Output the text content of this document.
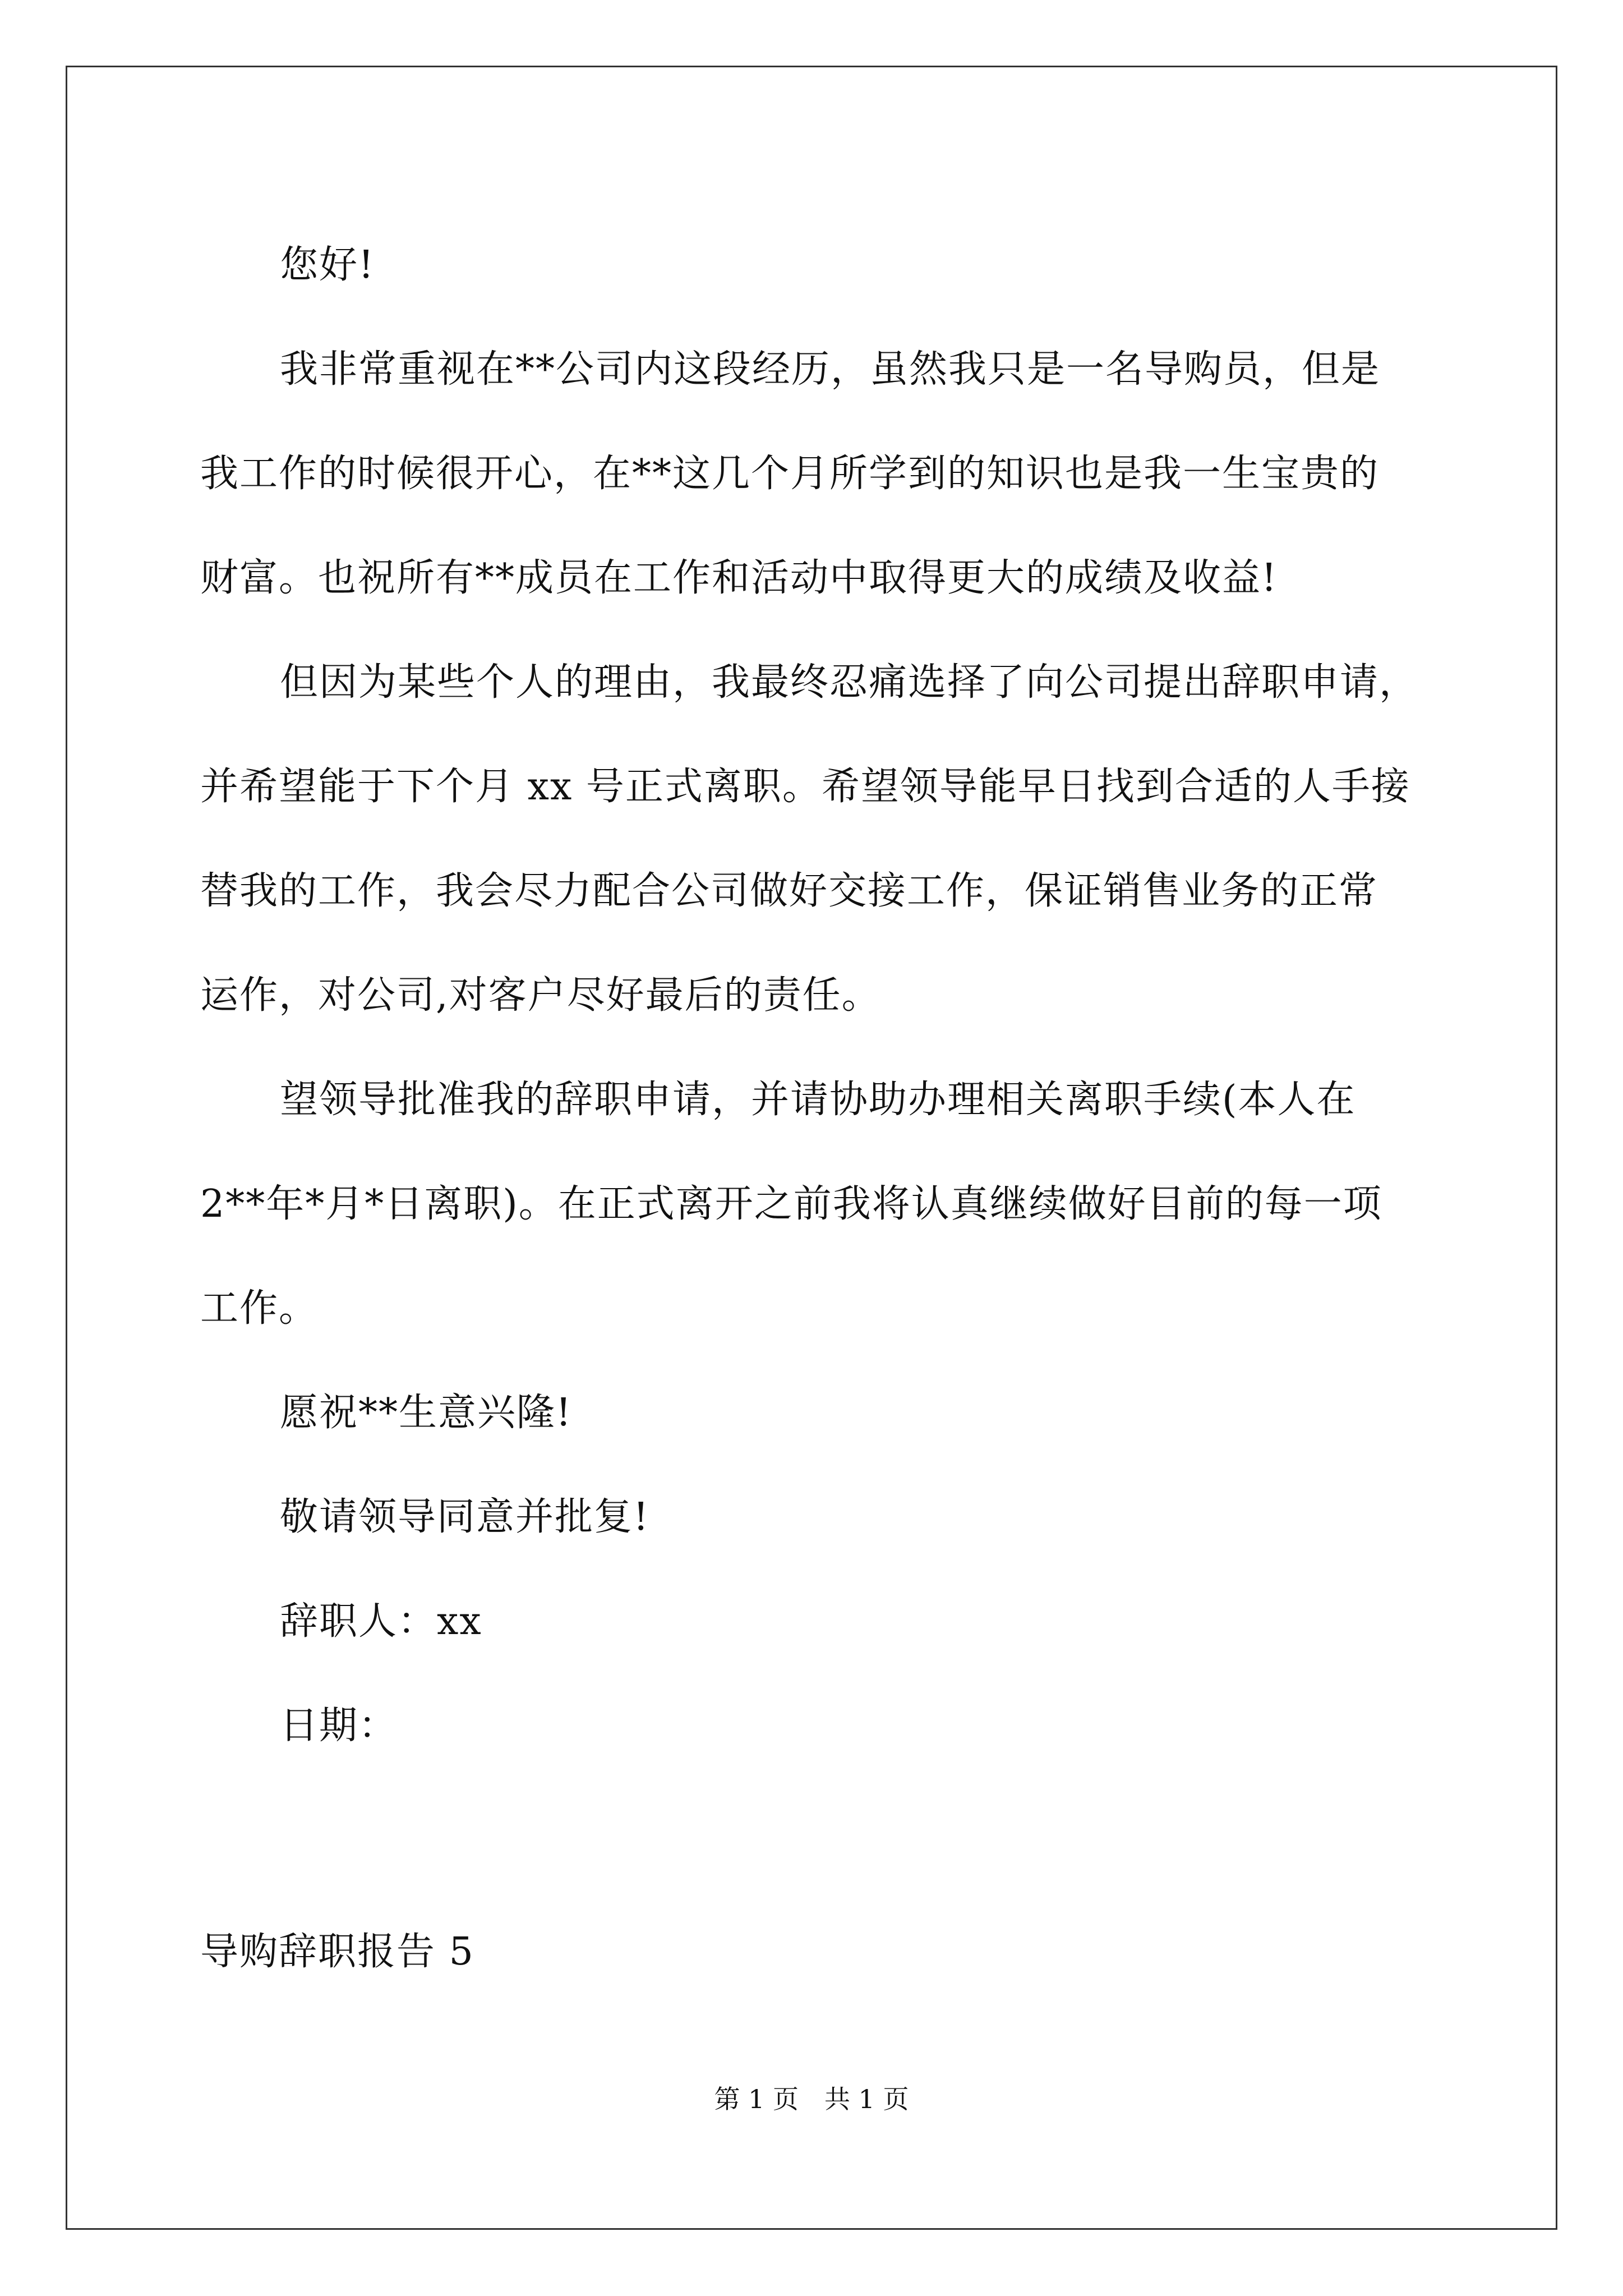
您好!

我非常重视在**公司内这段经历，虽然我只是一名导购员，但是
我工作的时候很开心，在**这几个月所学到的知识也是我一生宝贵的
财富。也祝所有**成员在工作和活动中取得更大的成绩及收益!

但因为某些个人的理由，我最终忍痛选择了向公司提出辞职申请，
并希望能于下个月 xx 号正式离职。希望领导能早日找到合适的人手接
替我的工作，我会尽力配合公司做好交接工作，保证销售业务的正常
运作，对公司,对客户尽好最后的责任。

望领导批准我的辞职申请，并请协助办理相关离职手续(本人在
2**年*月*日离职)。在正式离开之前我将认真继续做好目前的每一项
工作。

愿祝**生意兴隆!

敬请领导同意并批复!

辞职人：xx

日期：

导购辞职报告 5

第 1 页　共 1 页
